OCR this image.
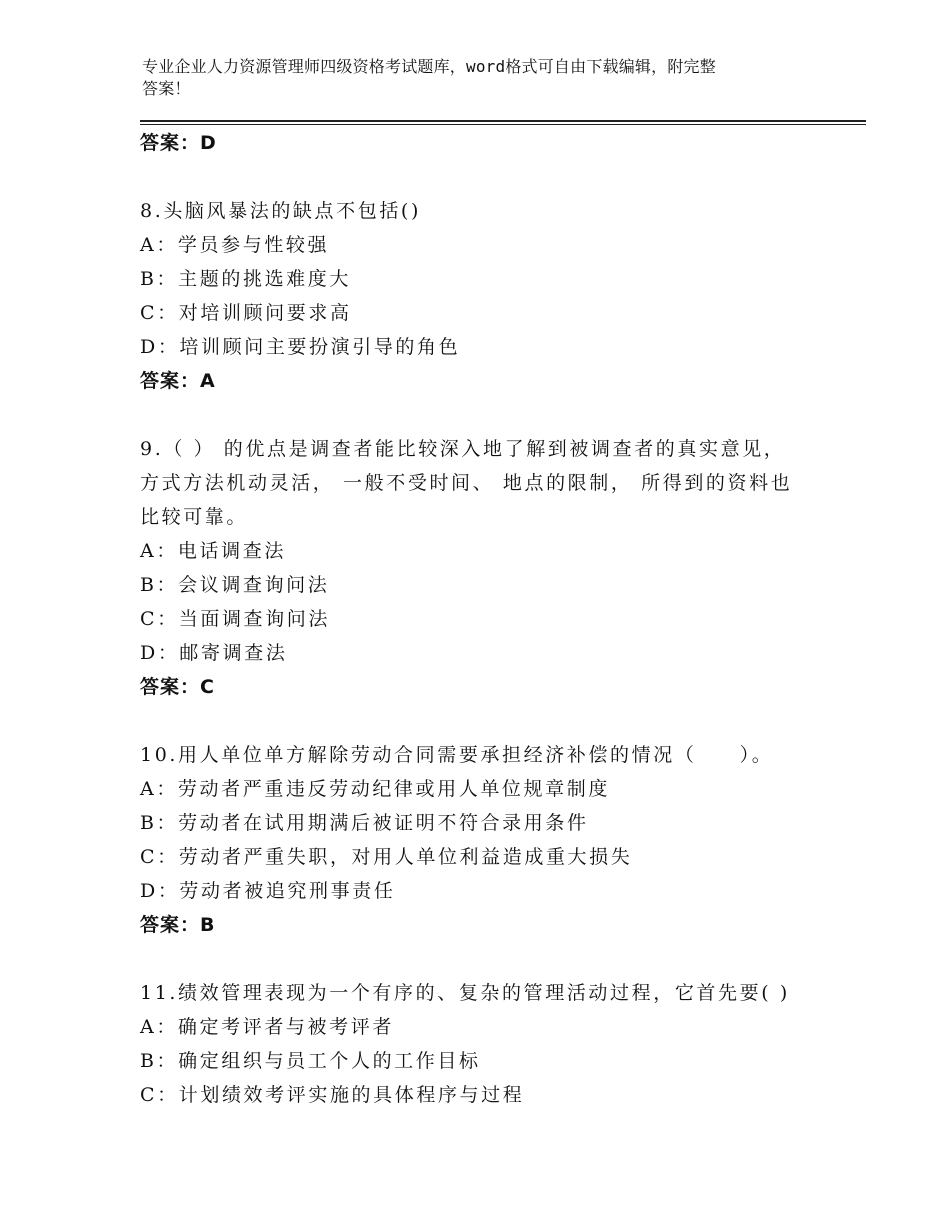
专业企业人力资源管理师四级资格考试题库，word格式可自由下载编辑，附完整
答案！
答案：D
8.头脑风暴法的缺点不包括()
A：学员参与性较强
B：主题的挑选难度大
C：对培训顾问要求高
D：培训顾问主要扮演引导的角色
答案：A
9.（ ） 的优点是调查者能比较深入地了解到被调查者的真实意见，
方式方法机动灵活， 一般不受时间、 地点的限制， 所得到的资料也
比较可靠。
A：电话调查法
B：会议调查询问法
C：当面调查询问法
D：邮寄调查法
答案：C
10.用人单位单方解除劳动合同需要承担经济补偿的情况（　　）。
A：劳动者严重违反劳动纪律或用人单位规章制度
B：劳动者在试用期满后被证明不符合录用条件
C：劳动者严重失职，对用人单位利益造成重大损失
D：劳动者被追究刑事责任
答案：B
11.绩效管理表现为一个有序的、复杂的管理活动过程，它首先要( )
A：确定考评者与被考评者
B：确定组织与员工个人的工作目标
C：计划绩效考评实施的具体程序与过程
